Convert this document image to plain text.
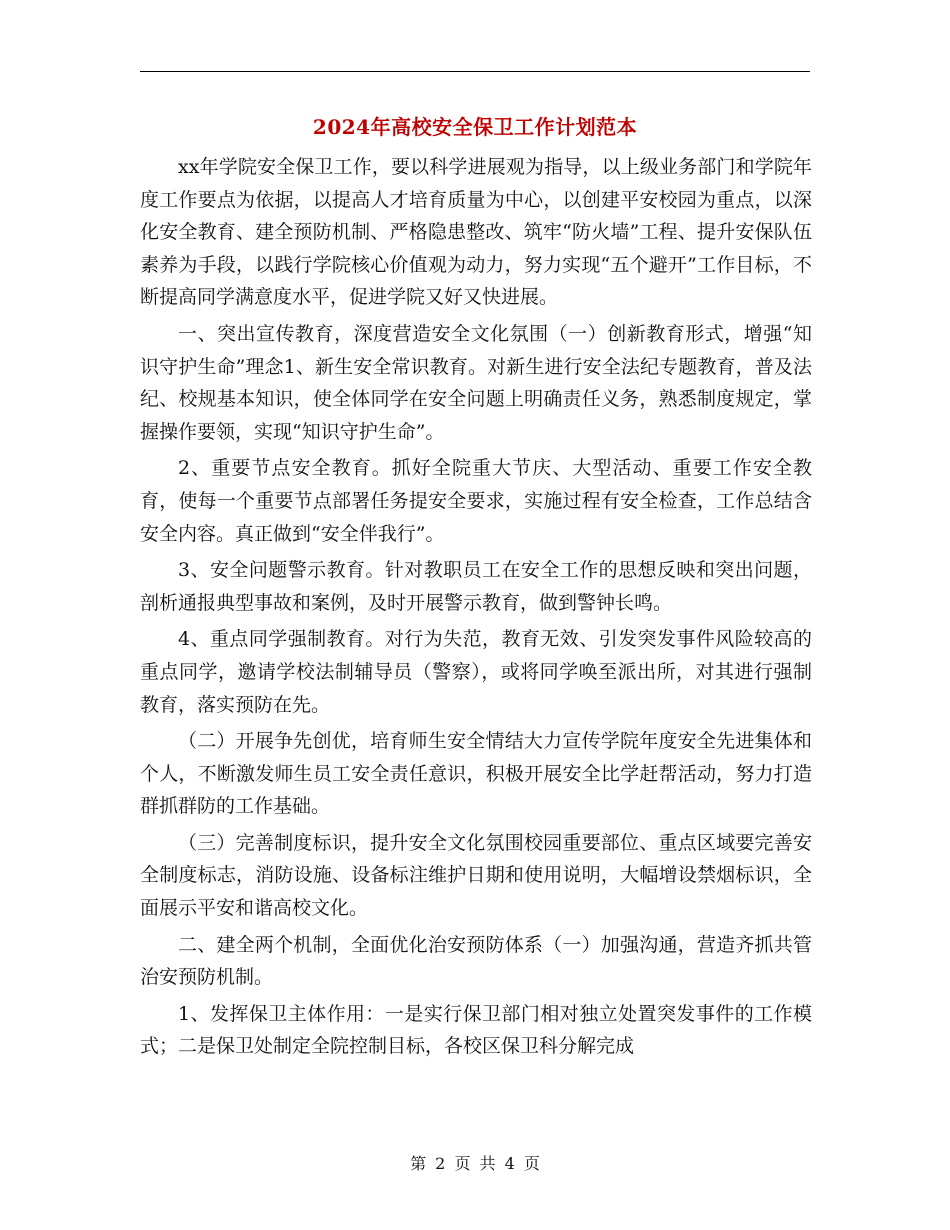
2024年高校安全保卫工作计划范本

xx年学院安全保卫工作，要以科学进展观为指导，以上级业务部门和学院年度工作要点为依据，以提高人才培育质量为中心，以创建平安校园为重点，以深化安全教育、建全预防机制、严格隐患整改、筑牢“防火墙”工程、提升安保队伍素养为手段，以践行学院核心价值观为动力，努力实现“五个避开”工作目标，不断提高同学满意度水平，促进学院又好又快进展。

一、突出宣传教育，深度营造安全文化氛围（一）创新教育形式，增强“知识守护生命”理念1、新生安全常识教育。对新生进行安全法纪专题教育，普及法纪、校规基本知识，使全体同学在安全问题上明确责任义务，熟悉制度规定，掌握操作要领，实现“知识守护生命”。

2、重要节点安全教育。抓好全院重大节庆、大型活动、重要工作安全教育，使每一个重要节点部署任务提安全要求，实施过程有安全检查，工作总结含安全内容。真正做到“安全伴我行”。

3、安全问题警示教育。针对教职员工在安全工作的思想反映和突出问题，剖析通报典型事故和案例，及时开展警示教育，做到警钟长鸣。

4、重点同学强制教育。对行为失范，教育无效、引发突发事件风险较高的重点同学，邀请学校法制辅导员（警察），或将同学唤至派出所，对其进行强制教育，落实预防在先。

（二）开展争先创优，培育师生安全情结大力宣传学院年度安全先进集体和个人，不断激发师生员工安全责任意识，积极开展安全比学赶帮活动，努力打造群抓群防的工作基础。

（三）完善制度标识，提升安全文化氛围校园重要部位、重点区域要完善安全制度标志，消防设施、设备标注维护日期和使用说明，大幅增设禁烟标识，全面展示平安和谐高校文化。

二、建全两个机制，全面优化治安预防体系（一）加强沟通，营造齐抓共管治安预防机制。

1、发挥保卫主体作用：一是实行保卫部门相对独立处置突发事件的工作模式；二是保卫处制定全院控制目标，各校区保卫科分解完成

第 2 页 共 4 页
